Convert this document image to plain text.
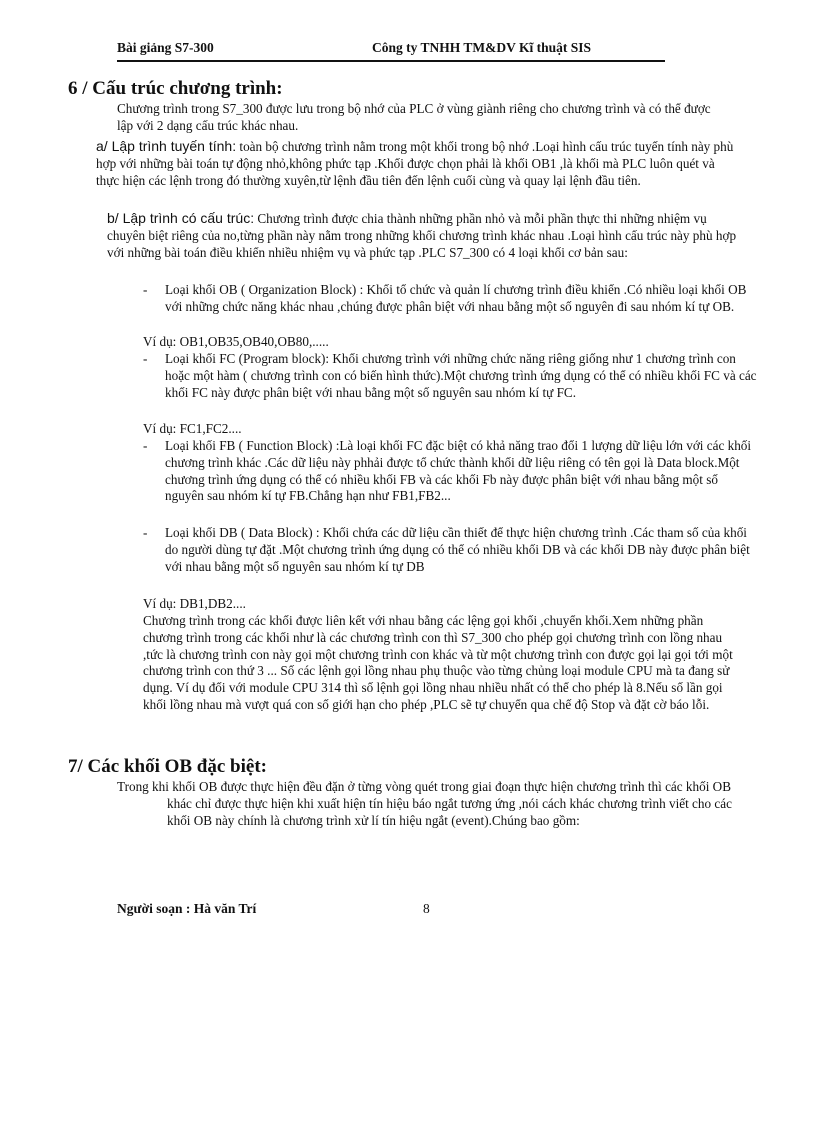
Bài giảng S7-300	Công ty TNHH TM&DV Kĩ thuật SIS
6 / Cấu trúc chương trình:

Chương trình trong S7_300 được lưu trong bộ nhớ của PLC ở vùng giành riêng cho chương trình và có thể được lập với 2 dạng cấu trúc khác nhau.

a/ Lập trình tuyến tính: toàn bộ chương trình nằm trong một khối trong bộ nhớ .Loại hình cấu trúc tuyến tính này phù hợp với những bài toán tự động nhỏ,không phức tạp .Khối được chọn phải là khối OB1 ,là khối mà PLC luôn quét và thực hiện các lệnh trong đó thường xuyên,từ lệnh đầu tiên đến lệnh cuối cùng và quay lại lệnh đầu tiên.

b/ Lập trình có cấu trúc: Chương trình được chia thành những phần nhỏ và mỗi phần thực thi những nhiệm vụ chuyên biệt riêng của no,từng phần này nằm trong những khối chương trình khác nhau .Loại hình cấu trúc này phù hợp với những bài toán điều khiển nhiều nhiệm vụ và phức tạp .PLC S7_300 có 4 loại khối cơ bản sau:

- Loại khối OB ( Organization Block) : Khối tổ chức và quản lí chương trình điều khiển .Có nhiều loại khối OB với những chức năng khác nhau ,chúng được phân biệt với nhau bằng một số nguyên đi sau nhóm kí tự OB.
Ví dụ: OB1,OB35,OB40,OB80,.....
- Loại khối FC (Program block): Khối chương trình với những chức năng riêng giống như 1 chương trình con hoặc một hàm ( chương trình con có biến hình thức).Một chương trình ứng dụng có thể có nhiều khối FC và các khối FC này được phân biệt với nhau bằng một số nguyên sau nhóm kí tự FC.
Ví dụ: FC1,FC2....
- Loại khối FB ( Function Block) :Là loại khối FC đặc biệt có khả năng trao đổi 1 lượng dữ liệu lớn với các khối chương trình khác .Các dữ liệu này phhải được tổ chức thành khối dữ liệu riêng có tên gọi là Data block.Một chương trình ứng dụng có thể có nhiều khối FB và các khối Fb này được phân biệt với nhau bằng một số nguyên sau nhóm kí tự FB.Chẳng hạn như FB1,FB2...
- Loại khối DB ( Data Block) : Khối chứa các dữ liệu cần thiết để thực hiện chương trình .Các tham số của khối do người dùng tự đặt .Một chương trình ứng dụng có thể có nhiều khối DB và các khối DB này được phân biệt với nhau bằng một số nguyên sau nhóm kí tự DB
Ví dụ: DB1,DB2....

Chương trình trong các khối được liên kết với nhau bằng các lệng gọi khối ,chuyển khối.Xem những phần chương trình trong các khối như là các chương trình con thì S7_300 cho phép gọi chương trình con lồng nhau ,tức là chương trình con này gọi một chương trình con khác và từ một chương trình con được gọi lại gọi tới một chương trình con thứ 3 ... Số các lệnh gọi lồng nhau phụ thuộc vào từng chủng loại module CPU mà ta đang sử dụng. Ví dụ đối với module CPU 314 thì số lệnh gọi lồng nhau nhiều nhất có thể cho phép là 8.Nếu số lần gọi khối lồng nhau mà vượt quá con số giới hạn cho phép ,PLC sẽ tự chuyển qua chế độ Stop và đặt cờ báo lỗi.

7/ Các khối OB đặc biệt:

Trong khi khối OB được thực hiện đều đặn ở từng vòng quét trong giai đoạn thực hiện chương trình thì các khối OB khác chỉ được thực hiện khi xuất hiện tín hiệu báo ngắt tương ứng ,nói cách khác chương trình viết cho các khối OB này chính là chương trình xử lí tín hiệu ngắt (event).Chúng bao gồm:

Người soạn : Hà văn Trí	8
